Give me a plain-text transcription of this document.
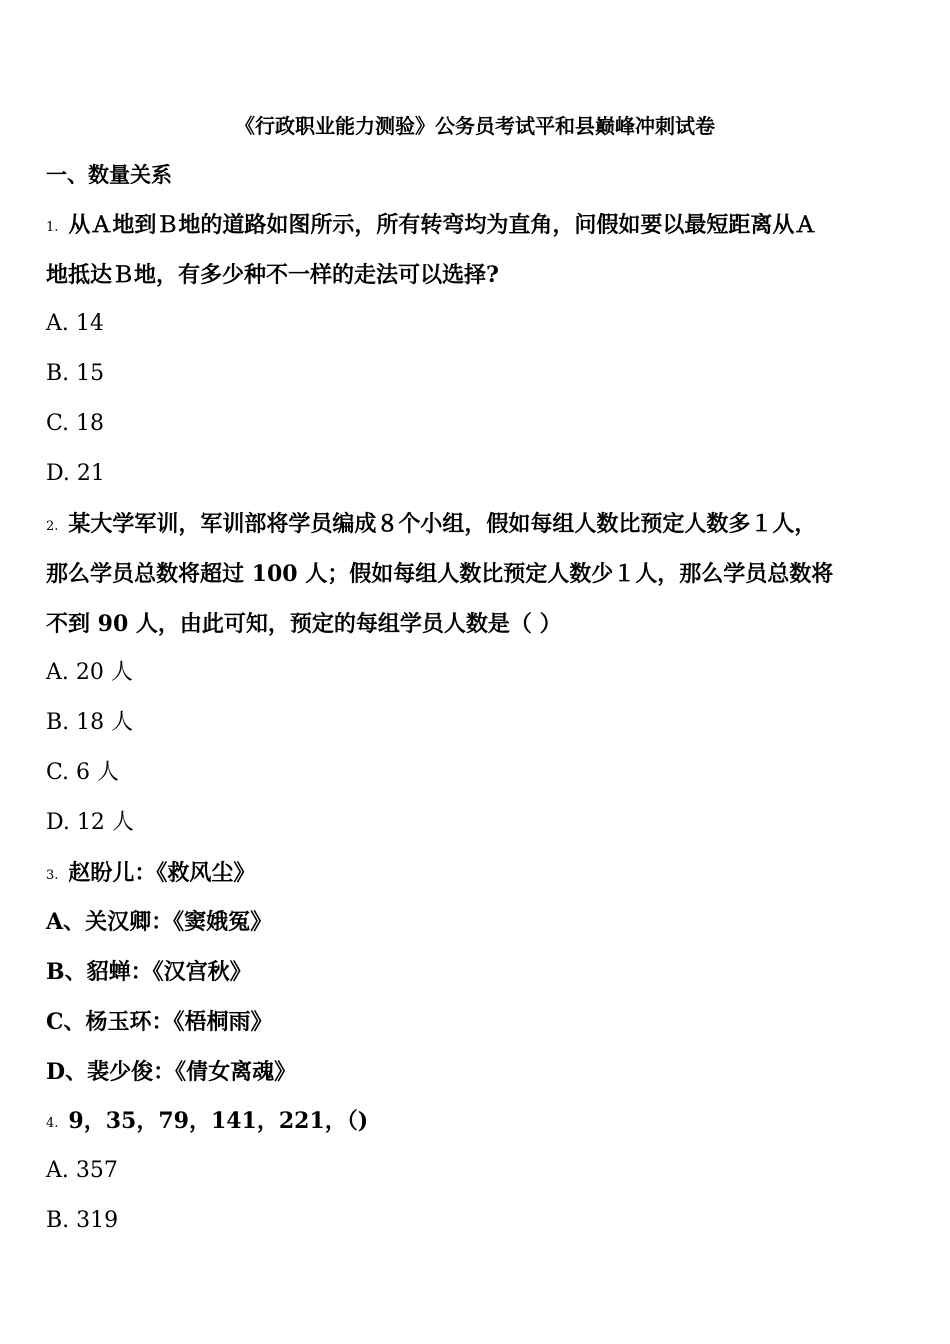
《行政职业能力测验》公务员考试平和县巅峰冲刺试卷
一、数量关系
1. 从Ａ地到Ｂ地的道路如图所示，所有转弯均为直角，问假如要以最短距离从Ａ
地抵达Ｂ地，有多少种不一样的走法可以选择?
A. 14
B. 15
C. 18
D. 21
2. 某大学军训，军训部将学员编成８个小组，假如每组人数比预定人数多１人，
那么学员总数将超过 100 人；假如每组人数比预定人数少１人，那么学员总数将
不到 90 人，由此可知，预定的每组学员人数是（ ）
A. 20 人
B. 18 人
C. 6 人
D. 12 人
3. 赵盼儿：《救风尘》
A、关汉卿：《窦娥冤》
B、貂蝉：《汉宫秋》
C、杨玉环：《梧桐雨》
D、裴少俊：《倩女离魂》
4. 9，35，79，141，221，（)
A. 357
B. 319
